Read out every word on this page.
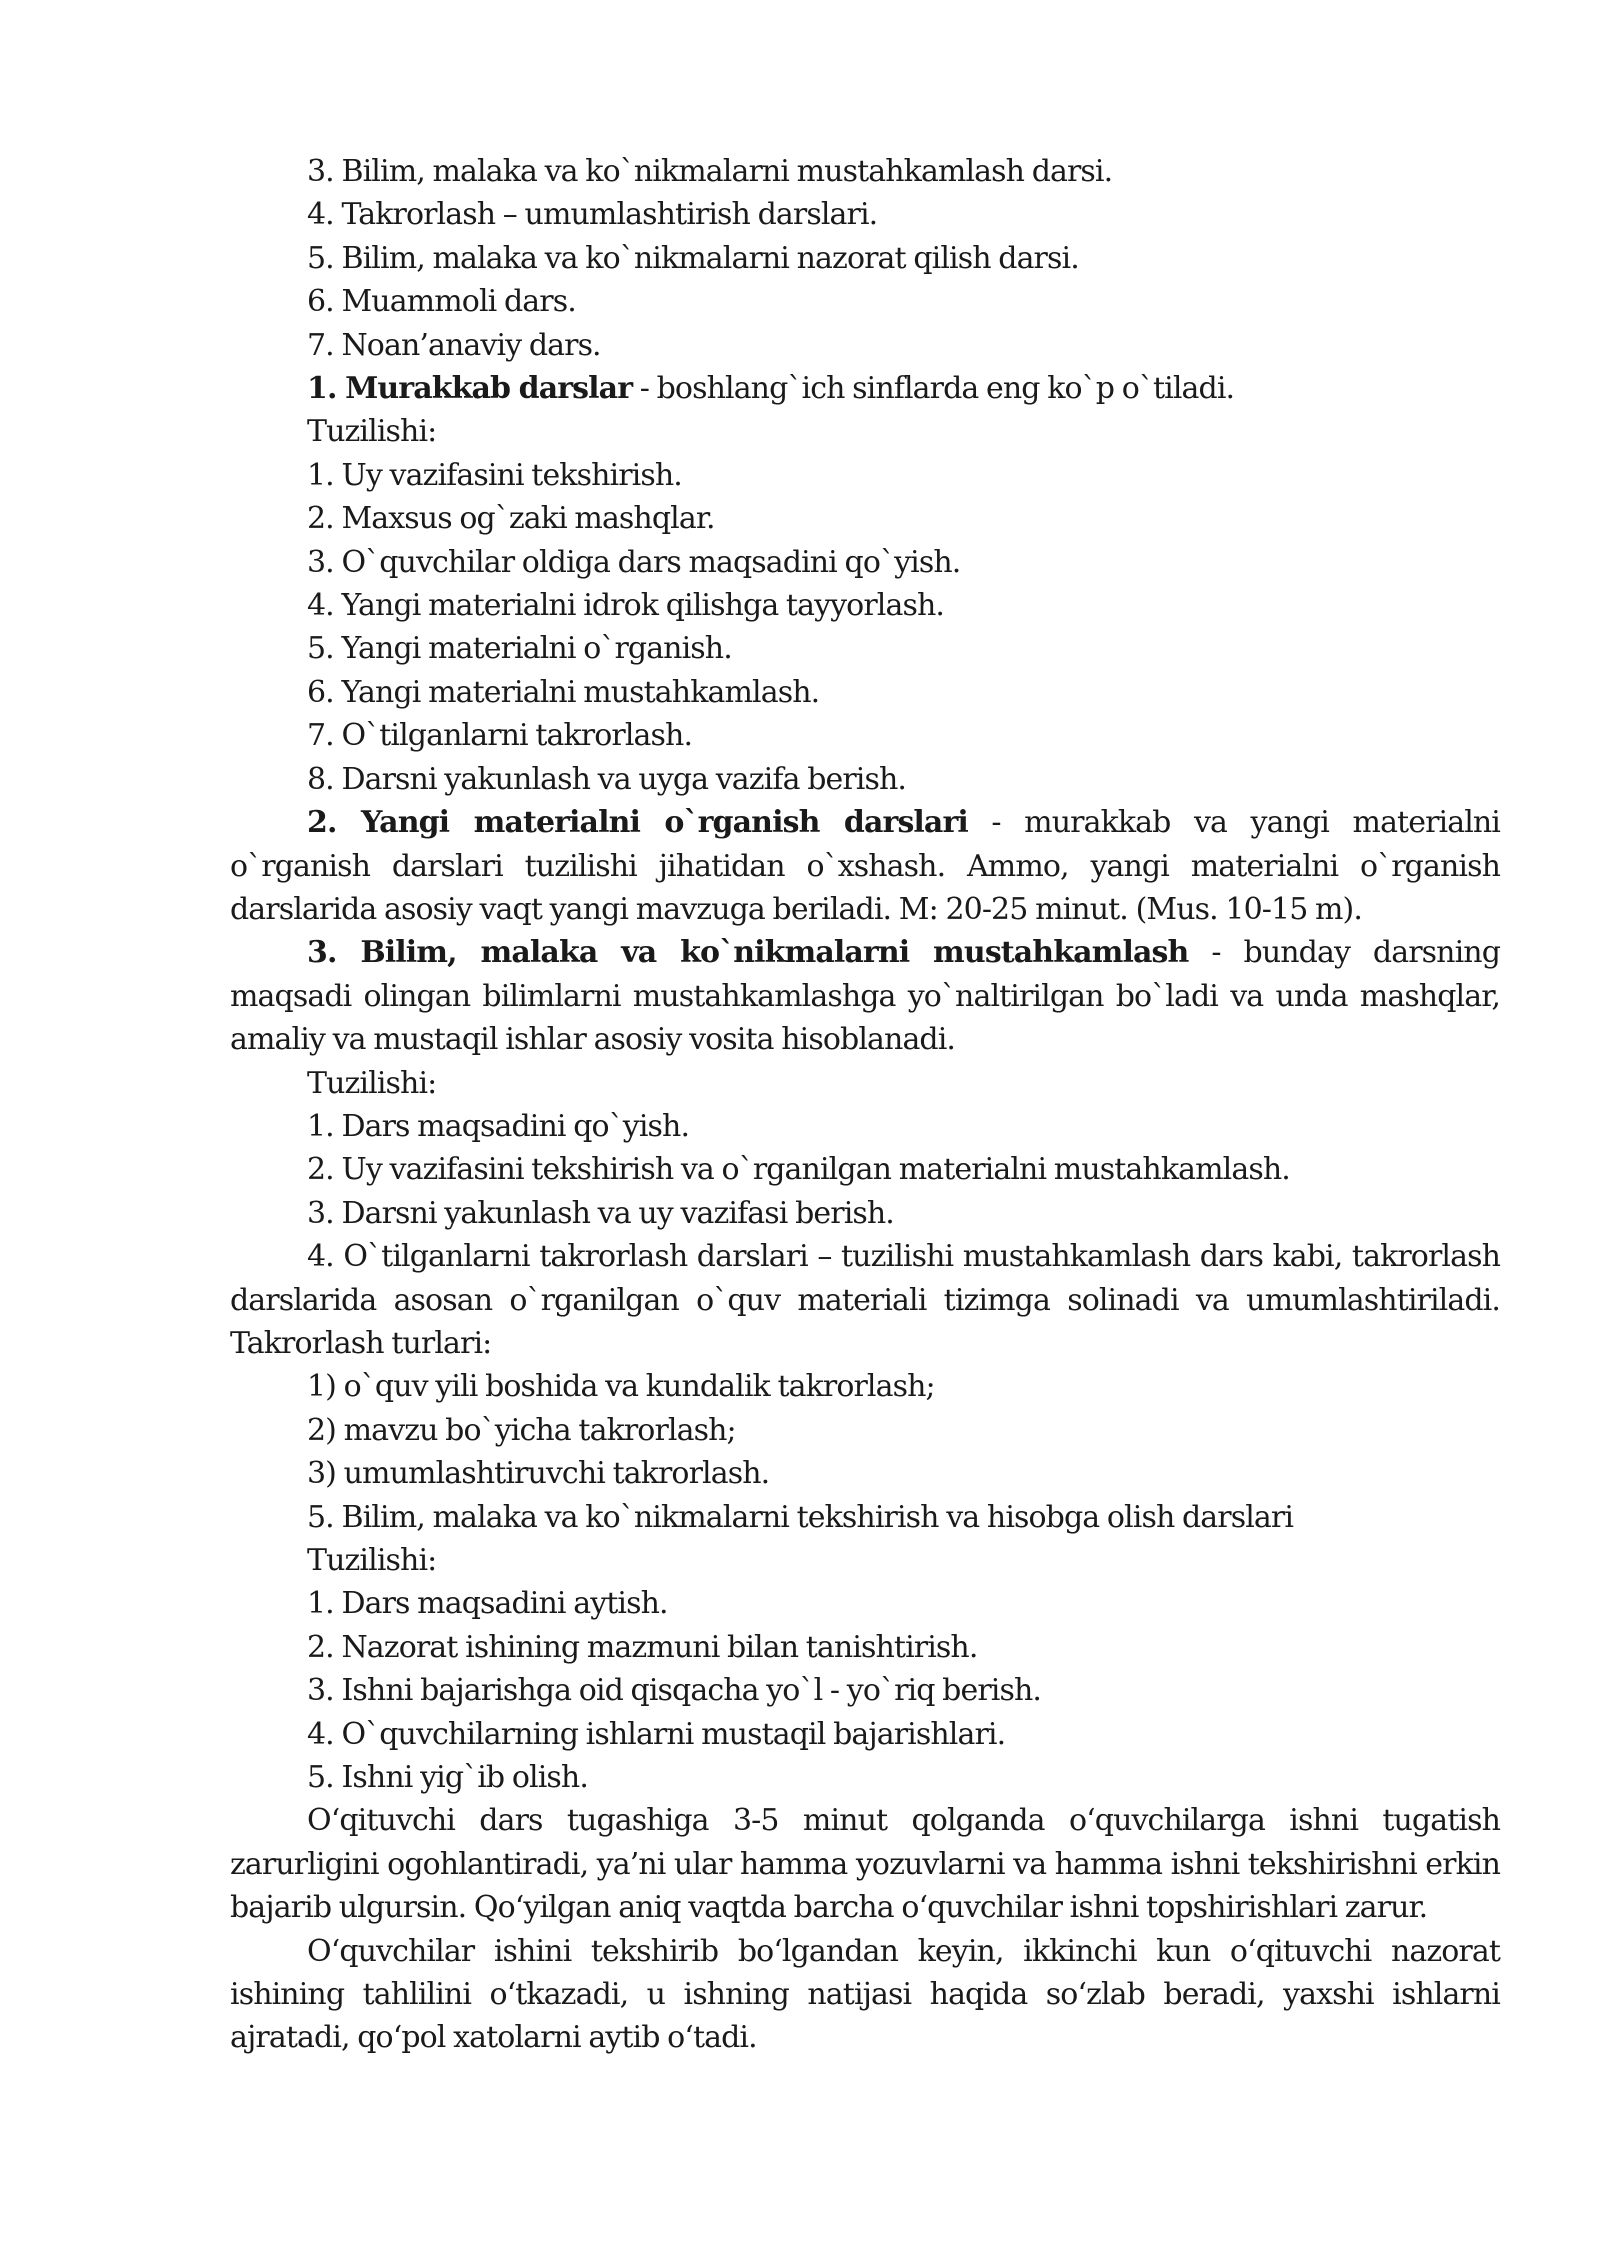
3. Bilim, malaka va ko`nikmalarni mustahkamlash darsi.
4. Takrorlash – umumlashtirish darslari.
5. Bilim, malaka va ko`nikmalarni nazorat qilish darsi.
6. Muammoli dars.
7. Noan’anaviy dars.
1. Murakkab darslar - boshlang`ich sinflarda eng ko`p o`tiladi.
Tuzilishi:
1. Uy vazifasini tekshirish.
2. Maxsus og`zaki mashqlar.
3. O`quvchilar oldiga dars maqsadini qo`yish.
4. Yangi materialni idrok qilishga tayyorlash.
5. Yangi materialni o`rganish.
6. Yangi materialni mustahkamlash.
7. O`tilganlarni takrorlash.
8. Darsni yakunlash va uyga vazifa berish.

2. Yangi materialni o`rganish darslari - murakkab va yangi materialni o`rganish darslari tuzilishi jihatidan o`xshash. Ammo, yangi materialni o`rganish darslarida asosiy vaqt yangi mavzuga beriladi. M: 20-25 minut. (Mus. 10-15 m).

3. Bilim, malaka va ko`nikmalarni mustahkamlash - bunday darsning maqsadi olingan bilimlarni mustahkamlashga yo`naltirilgan bo`ladi va unda mashqlar, amaliy va mustaqil ishlar asosiy vosita hisoblanadi.

Tuzilishi:
1. Dars maqsadini qo`yish.
2. Uy vazifasini tekshirish va o`rganilgan materialni mustahkamlash.
3. Darsni yakunlash va uy vazifasi berish.

4. O`tilganlarni takrorlash darslari – tuzilishi mustahkamlash dars kabi, takrorlash darslarida asosan o`rganilgan o`quv materiali tizimga solinadi va umumlashtiriladi. Takrorlash turlari:

1) o`quv yili boshida va kundalik takrorlash;
2) mavzu bo`yicha takrorlash;
3) umumlashtiruvchi takrorlash.
5. Bilim, malaka va ko`nikmalarni tekshirish va hisobga olish darslari
Tuzilishi:
1. Dars maqsadini aytish.
2. Nazorat ishining mazmuni bilan tanishtirish.
3. Ishni bajarishga oid qisqacha yo`l - yo`riq berish.
4. O`quvchilarning ishlarni mustaqil bajarishlari.
5. Ishni yig`ib olish.

O‘qituvchi dars tugashiga 3-5 minut qolganda o‘quvchilarga ishni tugatish zarurligini ogohlantiradi, ya’ni ular hamma yozuvlarni va hamma ishni tekshirishni erkin bajarib ulgursin. Qo‘yilgan aniq vaqtda barcha o‘quvchilar ishni topshirishlari zarur.

O‘quvchilar ishini tekshirib bo‘lgandan keyin, ikkinchi kun o‘qituvchi nazorat ishining tahlilini o‘tkazadi, u ishning natijasi haqida so‘zlab beradi, yaxshi ishlarni ajratadi, qo‘pol xatolarni aytib o‘tadi.
